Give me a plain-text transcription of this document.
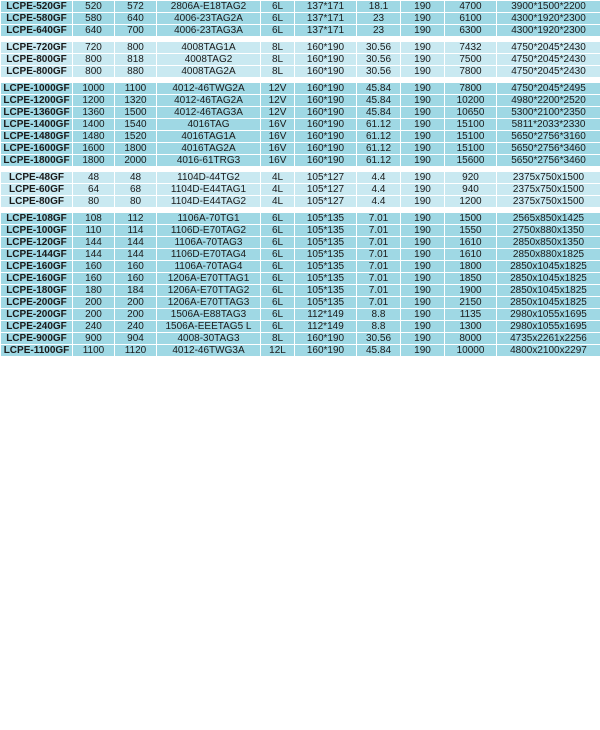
LCPE-520GF	520	572	2806A-E18TAG2	6L	137*171	18.1	190	4700	3900*1500*2200
LCPE-580GF	580	640	4006-23TAG2A	6L	137*171	23	190	6100	4300*1920*2300
LCPE-640GF	640	700	4006-23TAG3A	6L	137*171	23	190	6300	4300*1920*2300

LCPE-720GF	720	800	4008TAG1A	8L	160*190	30.56	190	7432	4750*2045*2430
LCPE-800GF	800	818	4008TAG2	8L	160*190	30.56	190	7500	4750*2045*2430
LCPE-800GF	800	880	4008TAG2A	8L	160*190	30.56	190	7800	4750*2045*2430

LCPE-1000GF	1000	1100	4012-46TWG2A	12V	160*190	45.84	190	7800	4750*2045*2495
LCPE-1200GF	1200	1320	4012-46TAG2A	12V	160*190	45.84	190	10200	4980*2200*2520
LCPE-1360GF	1360	1500	4012-46TAG3A	12V	160*190	45.84	190	10650	5300*2100*2350
LCPE-1400GF	1400	1540	4016TAG	16V	160*190	61.12	190	15100	5811*2033*2330
LCPE-1480GF	1480	1520	4016TAG1A	16V	160*190	61.12	190	15100	5650*2756*3160
LCPE-1600GF	1600	1800	4016TAG2A	16V	160*190	61.12	190	15100	5650*2756*3460
LCPE-1800GF	1800	2000	4016-61TRG3	16V	160*190	61.12	190	15600	5650*2756*3460

LCPE-48GF	48	48	1104D-44TG2	4L	105*127	4.4	190	920	2375x750x1500
LCPE-60GF	64	68	1104D-E44TAG1	4L	105*127	4.4	190	940	2375x750x1500
LCPE-80GF	80	80	1104D-E44TAG2	4L	105*127	4.4	190	1200	2375x750x1500

LCPE-108GF	108	112	1106A-70TG1	6L	105*135	7.01	190	1500	2565x850x1425
LCPE-100GF	110	114	1106D-E70TAG2	6L	105*135	7.01	190	1550	2750x880x1350
LCPE-120GF	144	144	1106A-70TAG3	6L	105*135	7.01	190	1610	2850x850x1350
LCPE-144GF	144	144	1106D-E70TAG4	6L	105*135	7.01	190	1610	2850x880x1825
LCPE-160GF	160	160	1106A-70TAG4	6L	105*135	7.01	190	1800	2850x1045x1825
LCPE-160GF	160	160	1206A-E70TTAG1	6L	105*135	7.01	190	1850	2850x1045x1825
LCPE-180GF	180	184	1206A-E70TTAG2	6L	105*135	7.01	190	1900	2850x1045x1825
LCPE-200GF	200	200	1206A-E70TTAG3	6L	105*135	7.01	190	2150	2850x1045x1825
LCPE-200GF	200	200	1506A-E88TAG3	6L	112*149	8.8	190	1135	2980x1055x1695
LCPE-240GF	240	240	1506A-EEETAG5 L	6L	112*149	8.8	190	1300	2980x1055x1695
LCPE-900GF	900	904	4008-30TAG3	8L	160*190	30.56	190	8000	4735x2261x2256
LCPE-1100GF	1100	1120	4012-46TWG3A	12L	160*190	45.84	190	10000	4800x2100x2297
